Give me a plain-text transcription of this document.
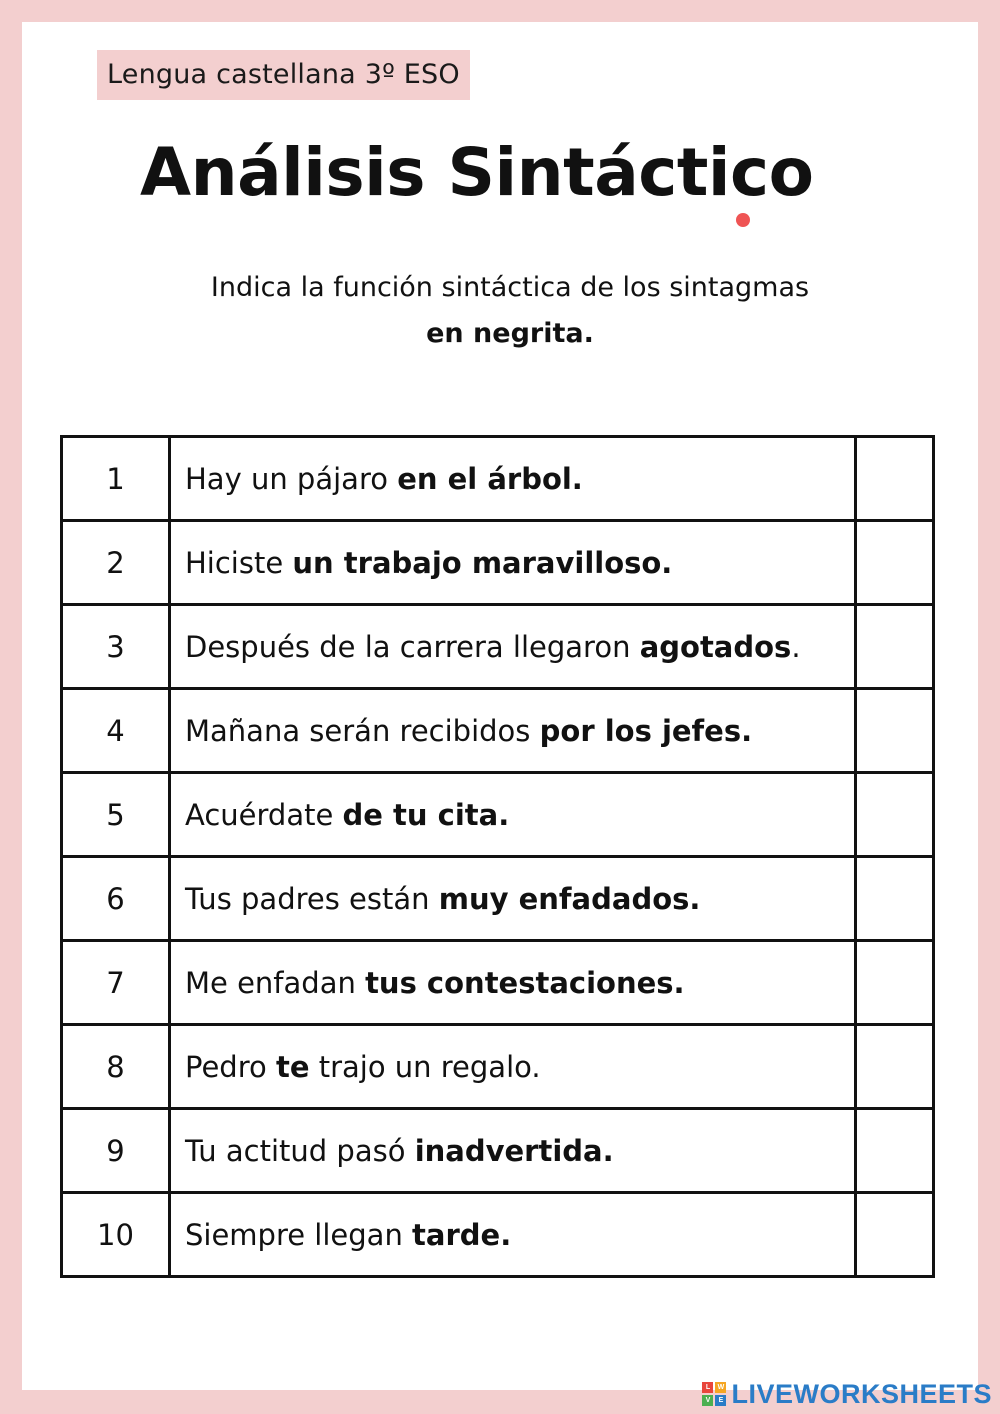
Lengua castellana 3º ESO
Análisis Sintáctico
Indica la función sintáctica de los sintagmas
en negrita.
1	Hay un pájaro en el árbol.	
2	Hiciste un trabajo maravilloso.	
3	Después de la carrera llegaron agotados.	
4	Mañana serán recibidos por los jefes.	
5	Acuérdate de tu cita.	
6	Tus padres están muy enfadados.	
7	Me enfadan tus contestaciones.	
8	Pedro te trajo un regalo.	
9	Tu actitud pasó inadvertida.	
10	Siempre llegan tarde.	
L	W
V	E LIVEWORKSHEETS
